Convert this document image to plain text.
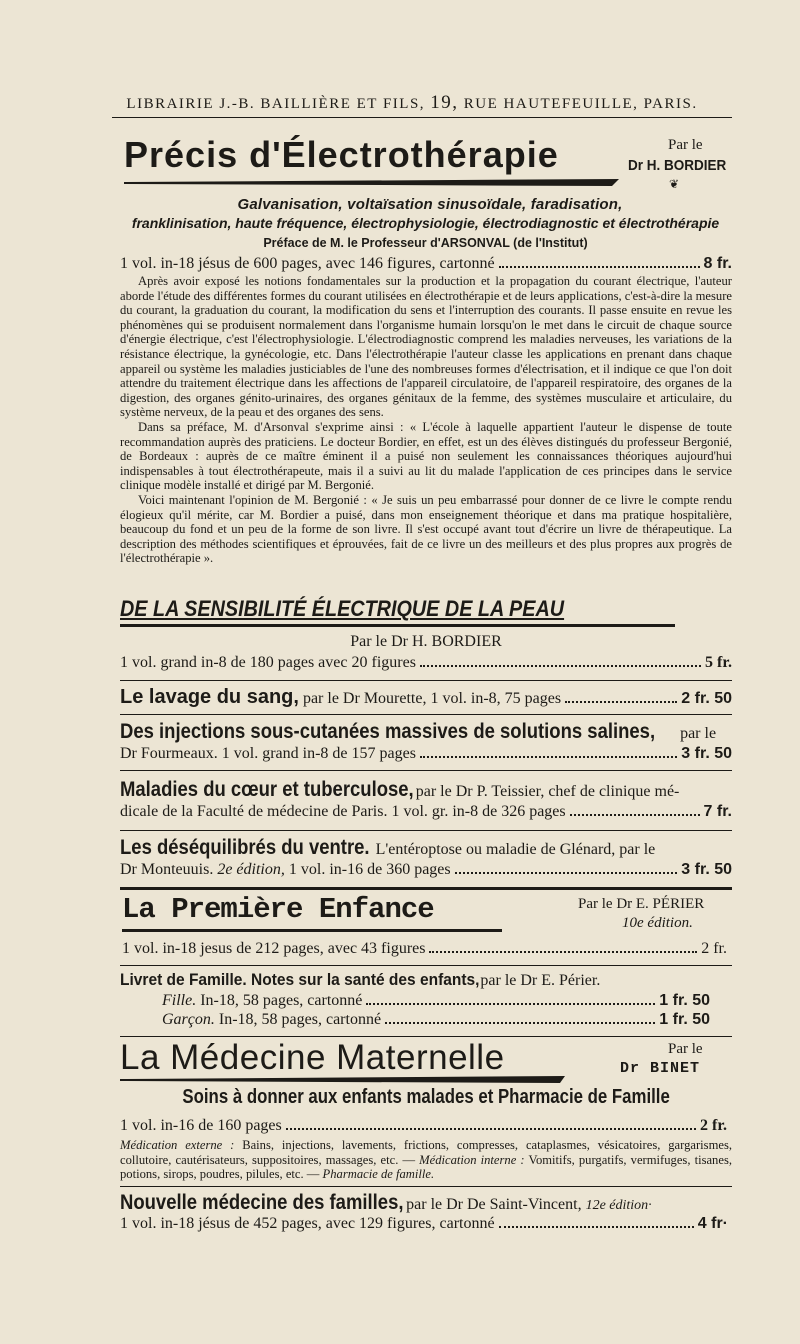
LIBRAIRIE J.-B. BAILLIÈRE ET FILS, 19, RUE HAUTEFEUILLE, PARIS.
Précis d'Électrothérapie	Par le
Dr H. BORDIER
❦
Galvanisation, voltaïsation sinusoïdale, faradisation,
franklinisation, haute fréquence, électrophysiologie, électrodiagnostic et électrothérapie
Préface de M. le Professeur d'ARSONVAL (de l'Institut)
1 vol. in-18 jésus de 600 pages, avec 146 figures, cartonné	8 fr.
Après avoir exposé les notions fondamentales sur la production et la propagation du courant électrique, l'auteur aborde l'étude des différentes formes du courant utilisées en électrothérapie et de leurs applications, c'est-à-dire la mesure du courant, la graduation du courant, la modification du sens et l'interruption des courants. Il passe ensuite en revue les phénomènes qui se produisent normalement dans l'organisme humain lorsqu'on le met dans le circuit de chaque source d'énergie électrique, c'est l'électrophysiologie. L'électrodiagnostic comprend les maladies nerveuses, les variations de la résistance électrique, la gynécologie, etc. Dans l'électrothérapie l'auteur classe les applications en prenant dans chaque appareil ou système les maladies justiciables de l'une des nombreuses formes d'électrisation, et il indique ce que l'on doit attendre du traitement électrique dans les affections de l'appareil circulatoire, de l'appareil respiratoire, des organes de la digestion, des organes génito-urinaires, des organes génitaux de la femme, des systèmes musculaire et articulaire, du système nerveux, de la peau et des organes des sens.
Dans sa préface, M. d'Arsonval s'exprime ainsi : « L'école à laquelle appartient l'auteur le dispense de toute recommandation auprès des praticiens. Le docteur Bordier, en effet, est un des élèves distingués du professeur Bergonié, de Bordeaux : auprès de ce maître éminent il a puisé non seulement les connaissances théoriques aujourd'hui indispensables à tout électrothérapeute, mais il a suivi au lit du malade l'application de ces principes dans le service clinique modèle installé et dirigé par M. Bergonié.
Voici maintenant l'opinion de M. Bergonié : « Je suis un peu embarrassé pour donner de ce livre le compte rendu élogieux qu'il mérite, car M. Bordier a puisé, dans mon enseignement théorique et dans ma pratique hospitalière, beaucoup du fond et un peu de la forme de son livre. Il s'est occupé avant tout d'écrire un livre de thérapeutique. La description des méthodes scientifiques et éprouvées, fait de ce livre un des meilleurs et des plus propres aux progrès de l'électrothérapie ».
DE LA SENSIBILITÉ ÉLECTRIQUE DE LA PEAU
Par le Dr H. BORDIER
1 vol. grand in-8 de 180 pages avec 20 figures	5 fr.
Le lavage du sang, par le Dr Mourette, 1 vol. in-8, 75 pages	2 fr. 50
Des injections sous-cutanées massives de solutions salines, par le
Dr Fourmeaux. 1 vol. grand in-8 de 157 pages	3 fr. 50
Maladies du cœur et tuberculose, par le Dr P. Teissier, chef de clinique mé-
dicale de la Faculté de médecine de Paris. 1 vol. gr. in-8 de 326 pages	7 fr.
Les déséquilibrés du ventre. L'entéroptose ou maladie de Glénard, par le
Dr Monteuuis. 2e édition, 1 vol. in-16 de 360 pages	3 fr. 50
La Première Enfance	Par le Dr E. PÉRIER
10e édition.
1 vol. in-18 jesus de 212 pages, avec 43 figures	2 fr.
Livret de Famille. Notes sur la santé des enfants, par le Dr E. Périer.
Fille. In-18, 58 pages, cartonné	1 fr. 50
Garçon. In-18, 58 pages, cartonné	1 fr. 50
La Médecine Maternelle	Par le
Dr BINET
Soins à donner aux enfants malades et Pharmacie de Famille
1 vol. in-16 de 160 pages	2 fr.
Médication externe : Bains, injections, lavements, frictions, compresses, cataplasmes, vésicatoires, gargarismes, collutoire, cautérisateurs, suppositoires, massages, etc. — Médication interne : Vomitifs, purgatifs, vermifuges, tisanes, potions, sirops, poudres, pilules, etc. — Pharmacie de famille.
Nouvelle médecine des familles, par le Dr De Saint-Vincent, 12e édition·
1 vol. in-18 jésus de 452 pages, avec 129 figures, cartonné	4 fr·
